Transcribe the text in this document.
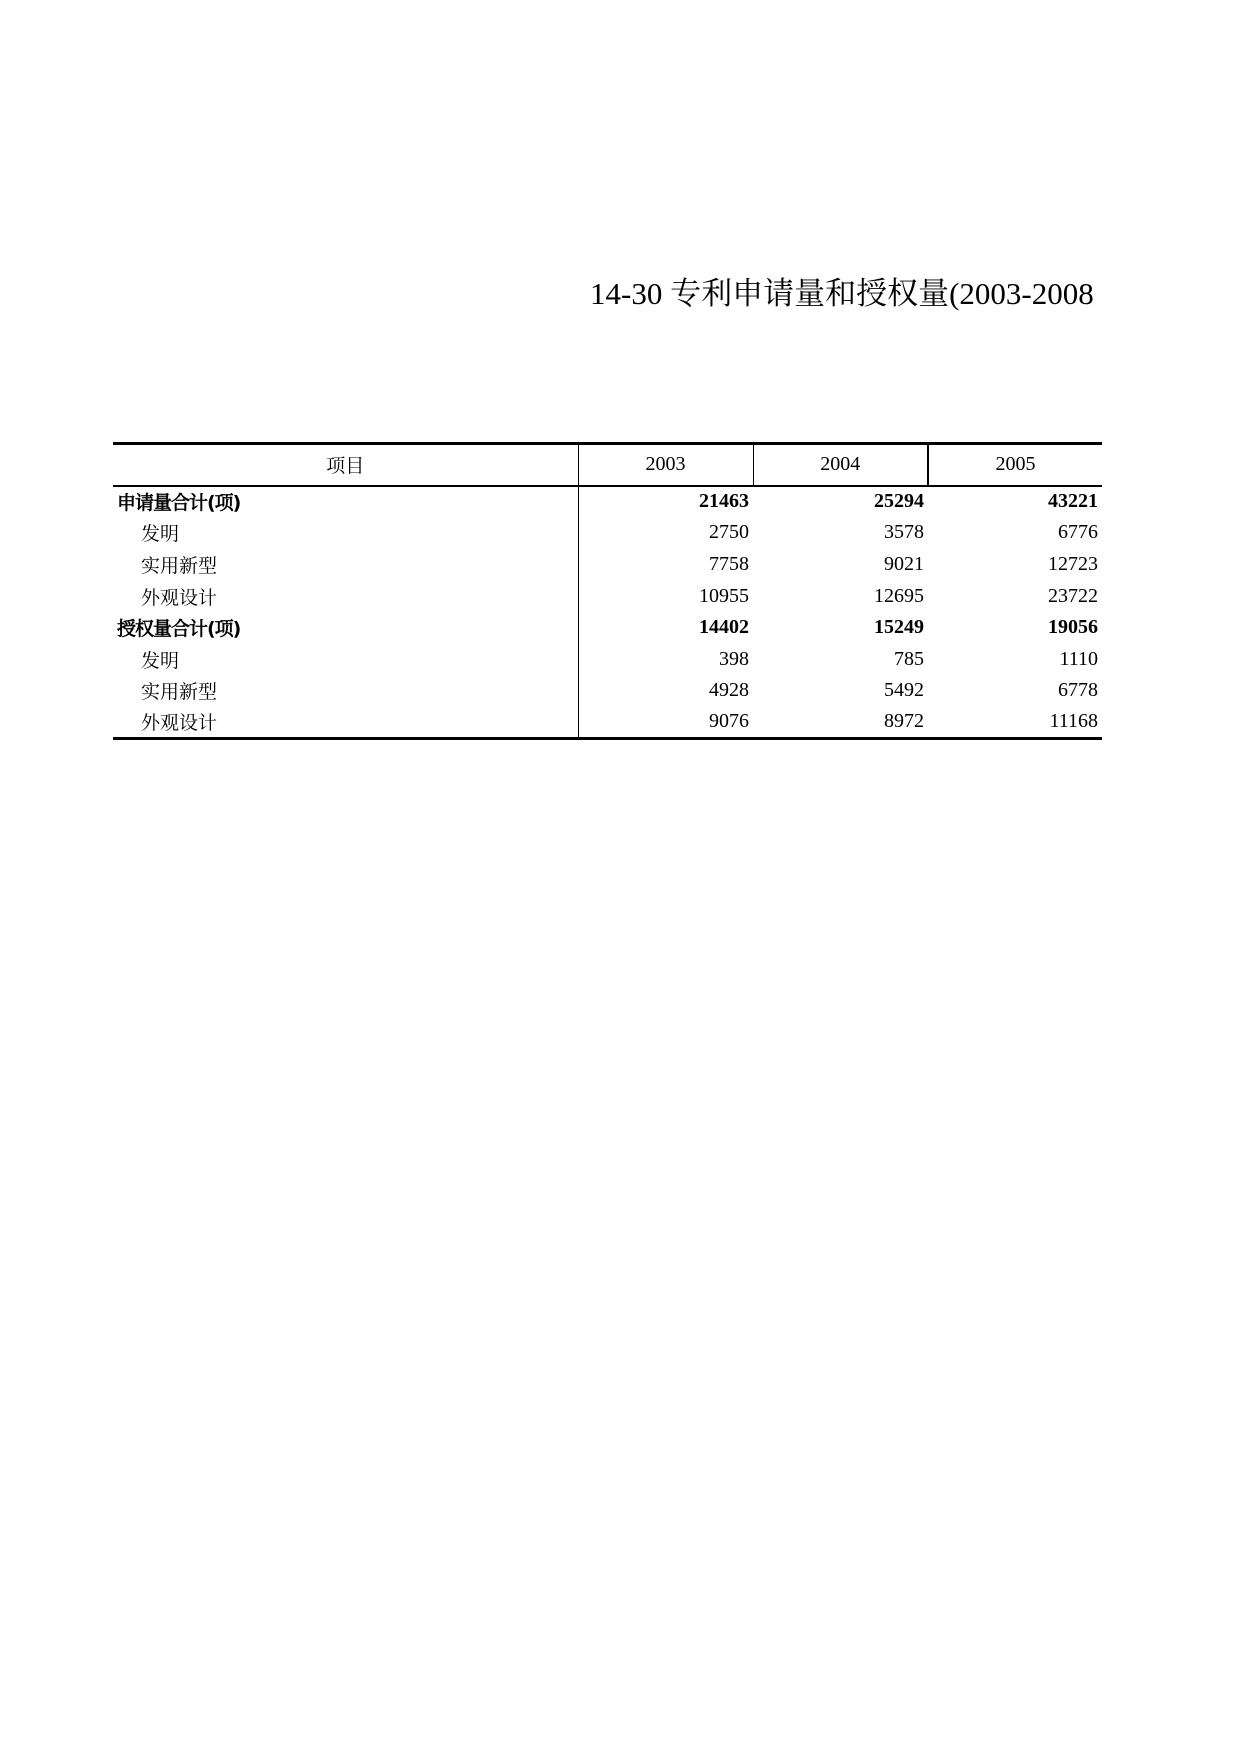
14-30 专利申请量和授权量(2003-2008
项目	2003	2004	2005
申请量合计(项)	21463	25294	43221
发明	2750	3578	6776
实用新型	7758	9021	12723
外观设计	10955	12695	23722
授权量合计(项)	14402	15249	19056
发明	398	785	1110
实用新型	4928	5492	6778
外观设计	9076	8972	11168
